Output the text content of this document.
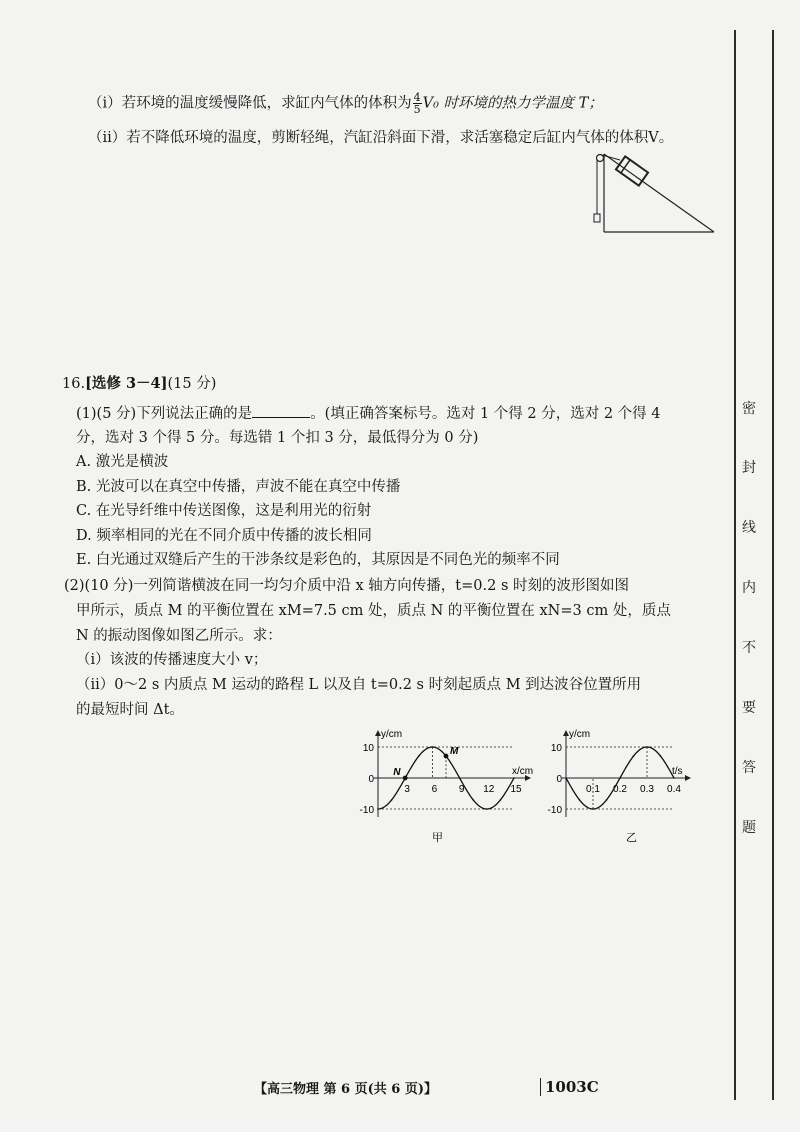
（ⅰ）若环境的温度缓慢降低，求缸内气体的体积为 $\frac{4}{5} V_0$ 时环境的热力学温度 T；
（ⅱ）若不降低环境的温度，剪断轻绳，汽缸沿斜面下滑，求活塞稳定后缸内气体的体积V。
16.[选修 3－4](15 分)
(1)(5 分)下列说法正确的是	。(填正确答案标号。选对 1 个得 2 分，选对 2 个得 4
分，选对 3 个得 5 分。每选错 1 个扣 3 分，最低得分为 0 分)
A. 激光是横波
B. 光波可以在真空中传播，声波不能在真空中传播
C. 在光导纤维中传送图像，这是利用光的衍射
D. 频率相同的光在不同介质中传播的波长相同
E. 白光通过双缝后产生的干涉条纹是彩色的，其原因是不同色光的频率不同
(2)(10 分)一列简谐横波在同一均匀介质中沿 x 轴方向传播，t=0.2 s 时刻的波形图如图
甲所示，质点 M 的平衡位置在 xM=7.5 cm 处，质点 N 的平衡位置在 xN=3 cm 处，质点
N 的振动图像如图乙所示。求：
（ⅰ）该波的传播速度大小 v；
（ⅱ）0～2 s 内质点 M 运动的路程 L 以及自 t=0.2 s 时刻起质点 M 到达波谷位置所用
的最短时间 Δt。
y/cm
x/cm
10
0
-10
3 6 9 12 15
N
M
甲
y/cm
t/s
10
0
-10
0.1 0.2 0.3 0.4
乙
密
封
线
内
不
要
答
题
【高三物理 第 6 页(共 6 页)】	1003C
